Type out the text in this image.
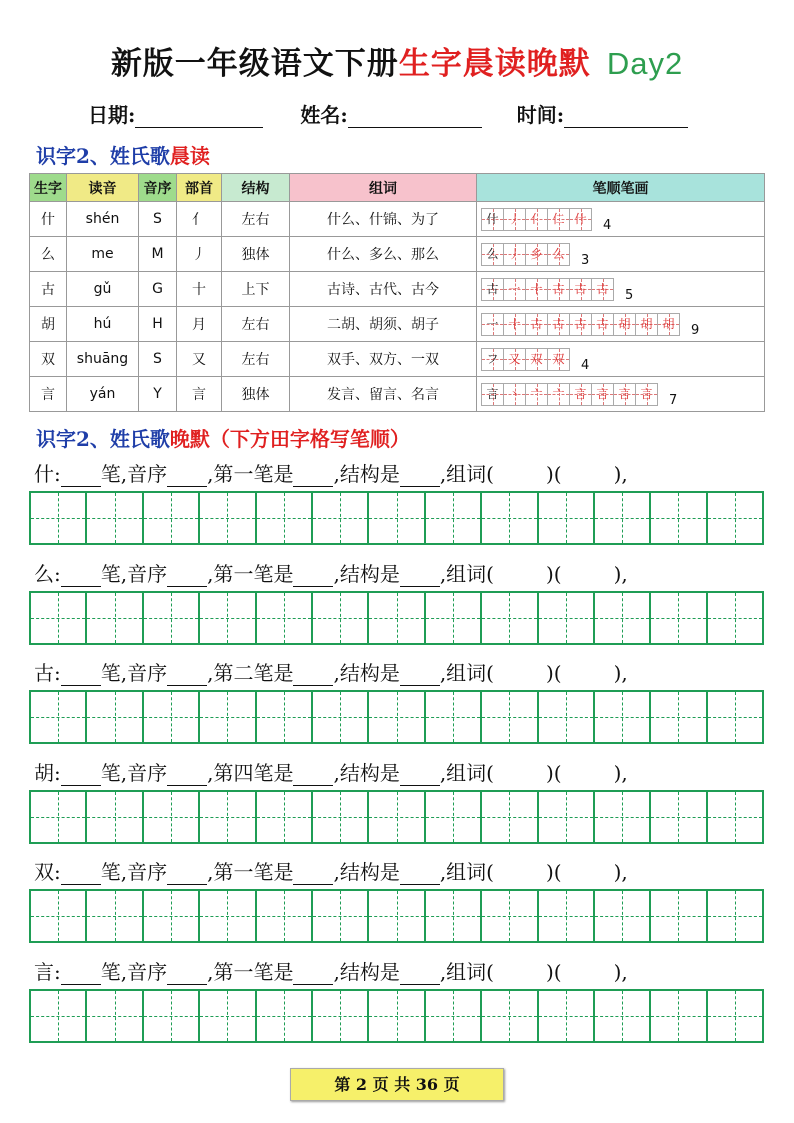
新版一年级语文下册生字晨读晚默 Day2
日期:	姓名:	时间:
识字2、姓氏歌晨读
生字	读音	音序	部首	结构	组词	笔顺笔画
什	shén	S	亻	左右	什么、什锦、为了	什 丿 亻 仁 什 4
么	me	M	丿	独体	什么、多么、那么	么 丿 乡 么 3
古	gǔ	G	十	上下	古诗、古代、古今	古 一 十 古 古 古 5
胡	hú	H	月	左右	二胡、胡须、胡子	一 十 古 古 古 古 胡 胡 胡 9
双	shuāng	S	又	左右	双手、双方、一双	フ 又 双 双 4
言	yán	Y	言	独体	发言、留言、名言	言 丶 亠 亠 言 言 言 言 7
识字2、姓氏歌晚默（下方田字格写笔顺）
什: 笔,音序 ,第一笔是 ,结构是 ,组词(	)(	),
么: 笔,音序 ,第一笔是 ,结构是 ,组词(	)(	),
古: 笔,音序 ,第二笔是 ,结构是 ,组词(	)(	),
胡: 笔,音序 ,第四笔是 ,结构是 ,组词(	)(	),
双: 笔,音序 ,第一笔是 ,结构是 ,组词(	)(	),
言: 笔,音序 ,第一笔是 ,结构是 ,组词(	)(	),
第 2 页 共 36 页
